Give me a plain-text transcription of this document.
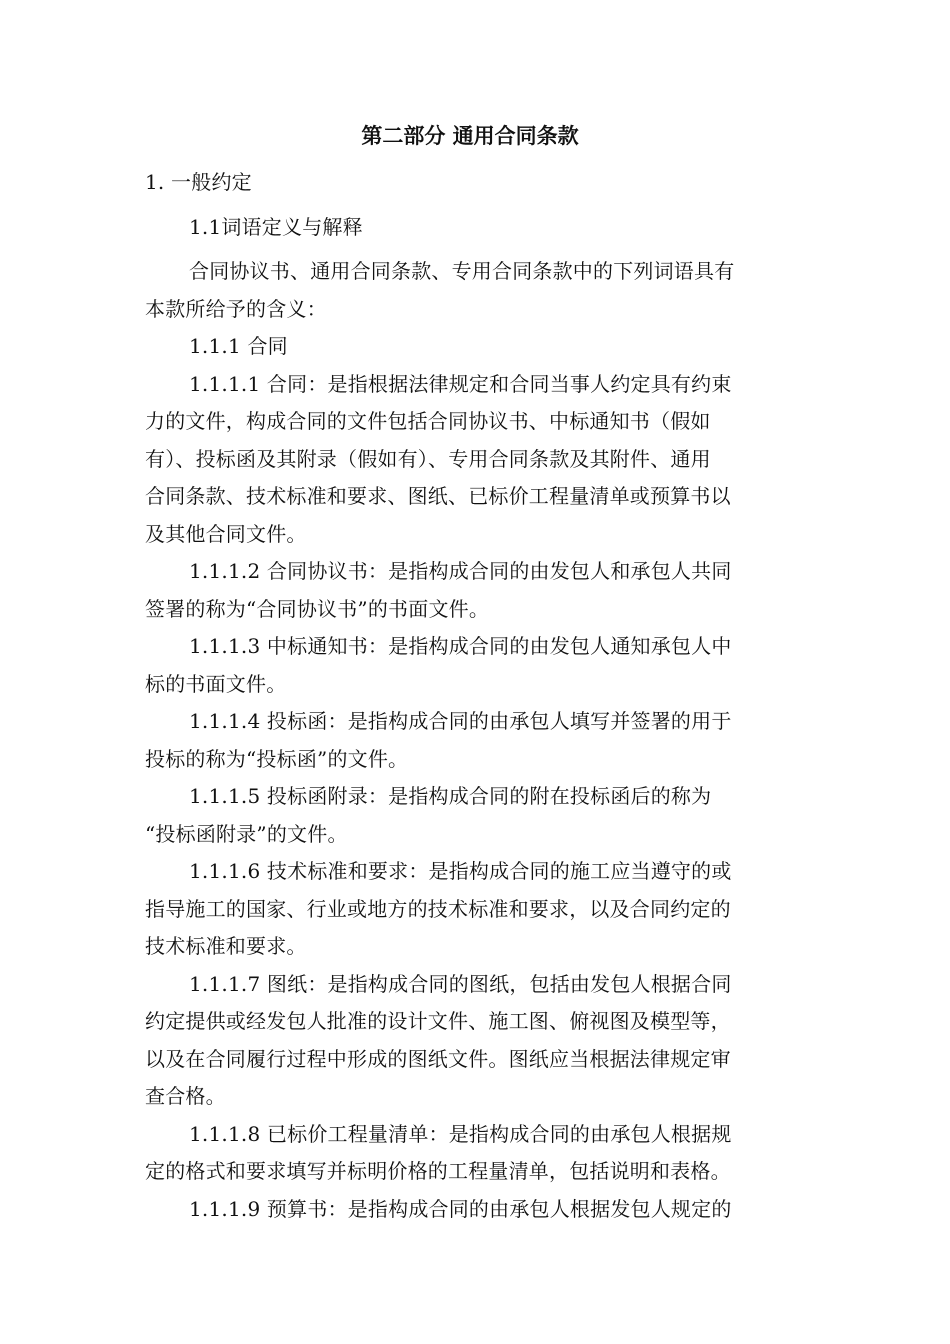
第二部分 通用合同条款
1. 一般约定
1.1词语定义与解释
合同协议书、通用合同条款、专用合同条款中的下列词语具有
本款所给予的含义：
1.1.1 合同
1.1.1.1 合同：是指根据法律规定和合同当事人约定具有约束
力的文件，构成合同的文件包括合同协议书、中标通知书（假如
有）、投标函及其附录（假如有）、专用合同条款及其附件、通用
合同条款、技术标准和要求、图纸、已标价工程量清单或预算书以
及其他合同文件。
1.1.1.2 合同协议书：是指构成合同的由发包人和承包人共同
签署的称为“合同协议书”的书面文件。
1.1.1.3 中标通知书：是指构成合同的由发包人通知承包人中
标的书面文件。
1.1.1.4 投标函：是指构成合同的由承包人填写并签署的用于
投标的称为“投标函”的文件。
1.1.1.5 投标函附录：是指构成合同的附在投标函后的称为
“投标函附录”的文件。
1.1.1.6 技术标准和要求：是指构成合同的施工应当遵守的或
指导施工的国家、行业或地方的技术标准和要求，以及合同约定的
技术标准和要求。
1.1.1.7 图纸：是指构成合同的图纸，包括由发包人根据合同
约定提供或经发包人批准的设计文件、施工图、俯视图及模型等，
以及在合同履行过程中形成的图纸文件。图纸应当根据法律规定审
查合格。
1.1.1.8 已标价工程量清单：是指构成合同的由承包人根据规
定的格式和要求填写并标明价格的工程量清单，包括说明和表格。
1.1.1.9 预算书：是指构成合同的由承包人根据发包人规定的
